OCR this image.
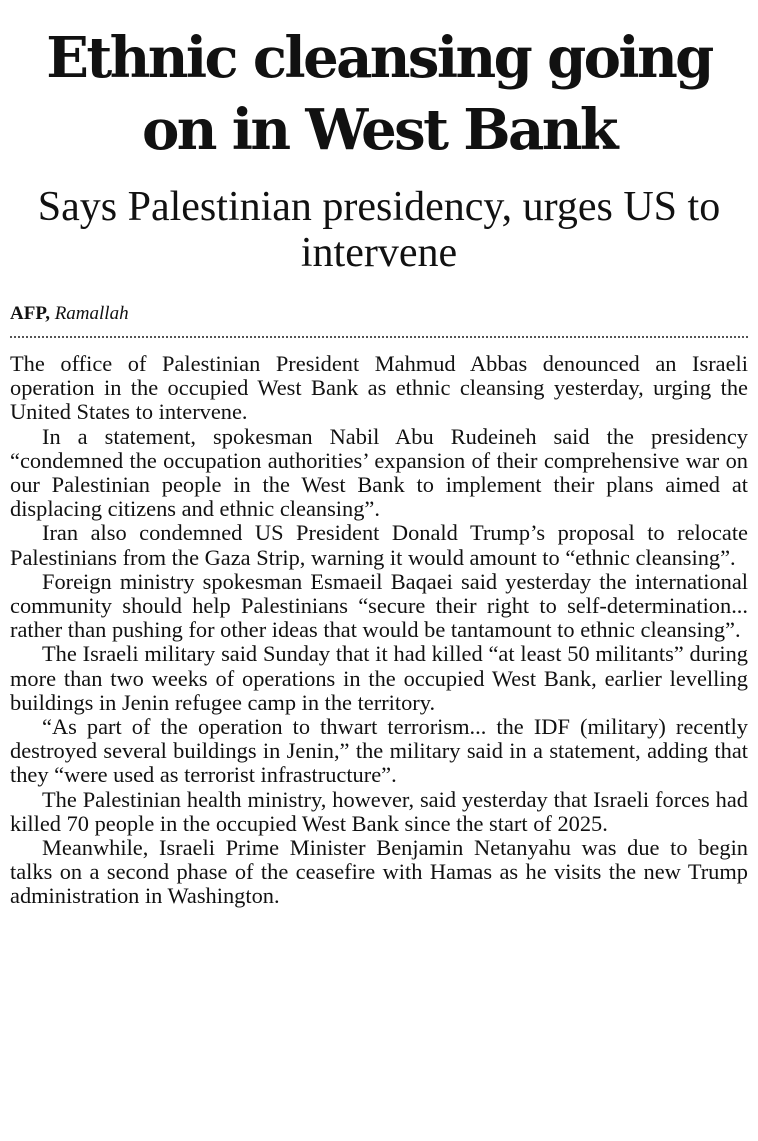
Ethnic cleansing going on in West Bank
Says Palestinian presidency, urges US to intervene
AFP, Ramallah

The office of Palestinian President Mahmud Abbas denounced an Israeli operation in the occupied West Bank as ethnic cleansing yesterday, urging the United States to intervene.

In a statement, spokesman Nabil Abu Rudeineh said the presidency “condemned the occupation authorities’ expansion of their comprehensive war on our Palestinian people in the West Bank to implement their plans aimed at displacing citizens and ethnic cleansing”.

Iran also condemned US President Donald Trump’s proposal to relocate Palestinians from the Gaza Strip, warning it would amount to “ethnic cleansing”.

Foreign ministry spokesman Esmaeil Baqaei said yesterday the international community should help Palestinians “secure their right to self-determination... rather than pushing for other ideas that would be tantamount to ethnic cleansing”.

The Israeli military said Sunday that it had killed “at least 50 militants” during more than two weeks of operations in the occupied West Bank, earlier levelling buildings in Jenin refugee camp in the territory.

“As part of the operation to thwart terrorism... the IDF (military) recently destroyed several buildings in Jenin,” the military said in a statement, adding that they “were used as terrorist infrastructure”.

The Palestinian health ministry, however, said yesterday that Israeli forces had killed 70 people in the occupied West Bank since the start of 2025.

Meanwhile, Israeli Prime Minister Benjamin Netanyahu was due to begin talks on a second phase of the ceasefire with Hamas as he visits the new Trump administration in Washington.
